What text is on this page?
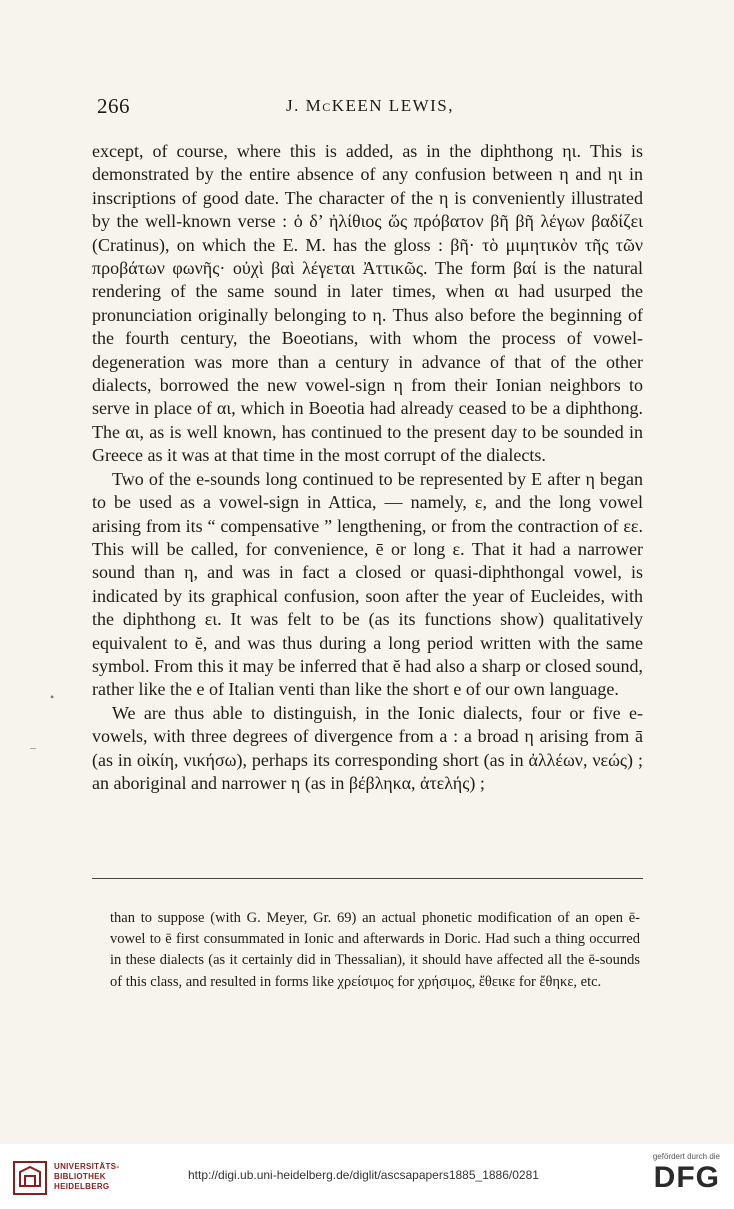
266	J. McKEEN LEWIS,

except, of course, where this is added, as in the diphthong ηι. This is demonstrated by the entire absence of any confusion between η and ηι in inscriptions of good date. The character of the η is conveniently illustrated by the well-known verse : ὁ δ’ ἠλίθιος ὥς πρόβατον βῆ βῆ λέγων βαδίζει (Cratinus), on which the E. M. has the gloss : βῆ· τὸ μιμητικὸν τῆς τῶν προβάτων φωνῆς· οὐχὶ βαὶ λέγεται Ἀττικῶς. The form βαί is the natural rendering of the same sound in later times, when αι had usurped the pronunciation originally belonging to η. Thus also before the beginning of the fourth century, the Boeotians, with whom the process of vowel-degeneration was more than a century in advance of that of the other dialects, borrowed the new vowel-sign η from their Ionian neighbors to serve in place of αι, which in Boeotia had already ceased to be a diphthong. The αι, as is well known, has continued to the present day to be sounded in Greece as it was at that time in the most corrupt of the dialects.

Two of the e-sounds long continued to be represented by E after η began to be used as a vowel-sign in Attica, — namely, ε, and the long vowel arising from its “ compensative ” lengthening, or from the contraction of εε. This will be called, for convenience, ē or long ε. That it had a narrower sound than η, and was in fact a closed or quasi-diphthongal vowel, is indicated by its graphical confusion, soon after the year of Eucleides, with the diphthong ει. It was felt to be (as its functions show) qualitatively equivalent to ĕ, and was thus during a long period written with the same symbol. From this it may be inferred that ĕ had also a sharp or closed sound, rather like the e of Italian venti than like the short e of our own language.

We are thus able to distinguish, in the Ionic dialects, four or five e-vowels, with three degrees of divergence from a : a broad η arising from ā (as in οἰκίη, νικήσω), perhaps its corresponding short (as in ἀλλέων, νεώς) ; an aboriginal and narrower η (as in βέβληκα, ἀτελής) ;

than to suppose (with G. Meyer, Gr. 69) an actual phonetic modification of an open ē-vowel to ē first consummated in Ionic and afterwards in Doric. Had such a thing occurred in these dialects (as it certainly did in Thessalian), it should have affected all the ē-sounds of this class, and resulted in forms like χρείσιμος for χρήσιμος, ἔθεικε for ἔθηκε, etc.

•
–
UNIVERSITÄTS-
BIBLIOTHEK
HEIDELBERG
http://digi.ub.uni-heidelberg.de/diglit/ascsapapers1885_1886/0281
gefördert durch die
DFG
